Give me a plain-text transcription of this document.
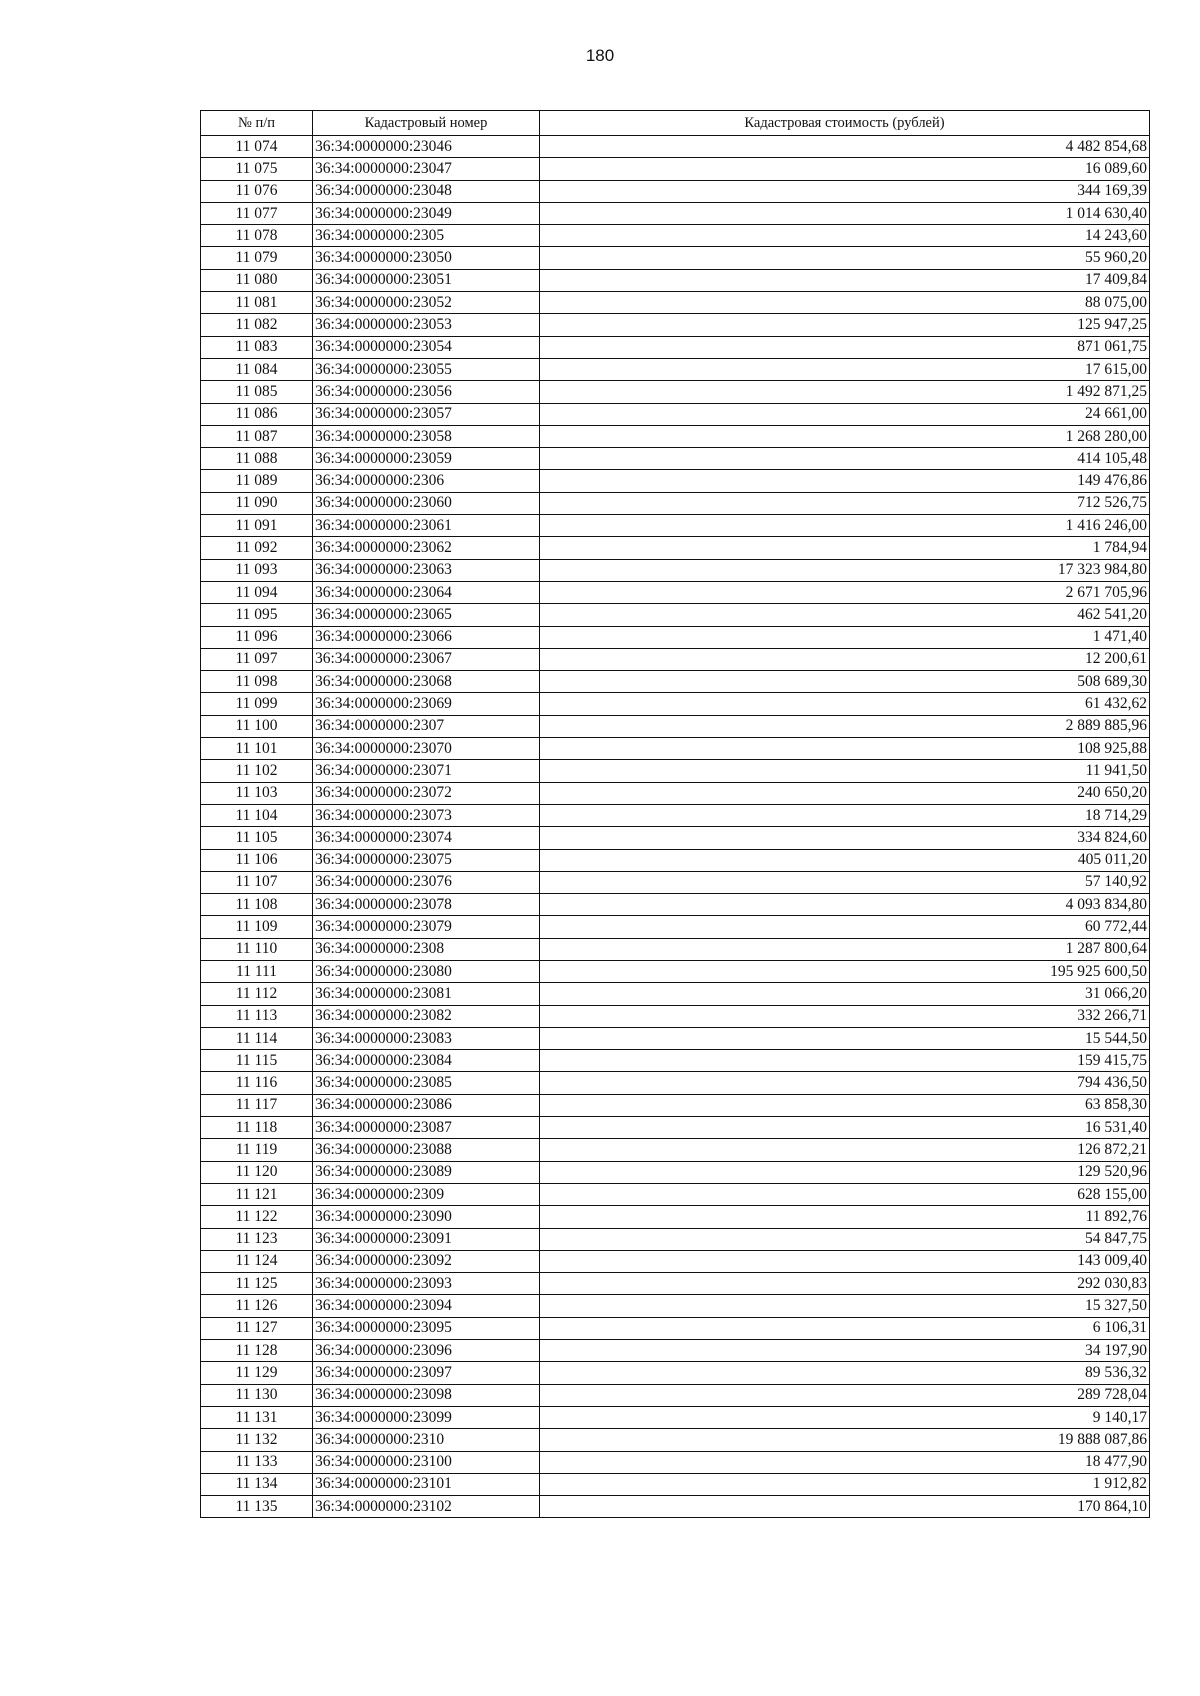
180
№ п/п	Кадастровый номер	Кадастровая стоимость (рублей)
11 074	36:34:0000000:23046	4 482 854,68
11 075	36:34:0000000:23047	16 089,60
11 076	36:34:0000000:23048	344 169,39
11 077	36:34:0000000:23049	1 014 630,40
11 078	36:34:0000000:2305	14 243,60
11 079	36:34:0000000:23050	55 960,20
11 080	36:34:0000000:23051	17 409,84
11 081	36:34:0000000:23052	88 075,00
11 082	36:34:0000000:23053	125 947,25
11 083	36:34:0000000:23054	871 061,75
11 084	36:34:0000000:23055	17 615,00
11 085	36:34:0000000:23056	1 492 871,25
11 086	36:34:0000000:23057	24 661,00
11 087	36:34:0000000:23058	1 268 280,00
11 088	36:34:0000000:23059	414 105,48
11 089	36:34:0000000:2306	149 476,86
11 090	36:34:0000000:23060	712 526,75
11 091	36:34:0000000:23061	1 416 246,00
11 092	36:34:0000000:23062	1 784,94
11 093	36:34:0000000:23063	17 323 984,80
11 094	36:34:0000000:23064	2 671 705,96
11 095	36:34:0000000:23065	462 541,20
11 096	36:34:0000000:23066	1 471,40
11 097	36:34:0000000:23067	12 200,61
11 098	36:34:0000000:23068	508 689,30
11 099	36:34:0000000:23069	61 432,62
11 100	36:34:0000000:2307	2 889 885,96
11 101	36:34:0000000:23070	108 925,88
11 102	36:34:0000000:23071	11 941,50
11 103	36:34:0000000:23072	240 650,20
11 104	36:34:0000000:23073	18 714,29
11 105	36:34:0000000:23074	334 824,60
11 106	36:34:0000000:23075	405 011,20
11 107	36:34:0000000:23076	57 140,92
11 108	36:34:0000000:23078	4 093 834,80
11 109	36:34:0000000:23079	60 772,44
11 110	36:34:0000000:2308	1 287 800,64
11 111	36:34:0000000:23080	195 925 600,50
11 112	36:34:0000000:23081	31 066,20
11 113	36:34:0000000:23082	332 266,71
11 114	36:34:0000000:23083	15 544,50
11 115	36:34:0000000:23084	159 415,75
11 116	36:34:0000000:23085	794 436,50
11 117	36:34:0000000:23086	63 858,30
11 118	36:34:0000000:23087	16 531,40
11 119	36:34:0000000:23088	126 872,21
11 120	36:34:0000000:23089	129 520,96
11 121	36:34:0000000:2309	628 155,00
11 122	36:34:0000000:23090	11 892,76
11 123	36:34:0000000:23091	54 847,75
11 124	36:34:0000000:23092	143 009,40
11 125	36:34:0000000:23093	292 030,83
11 126	36:34:0000000:23094	15 327,50
11 127	36:34:0000000:23095	6 106,31
11 128	36:34:0000000:23096	34 197,90
11 129	36:34:0000000:23097	89 536,32
11 130	36:34:0000000:23098	289 728,04
11 131	36:34:0000000:23099	9 140,17
11 132	36:34:0000000:2310	19 888 087,86
11 133	36:34:0000000:23100	18 477,90
11 134	36:34:0000000:23101	1 912,82
11 135	36:34:0000000:23102	170 864,10
